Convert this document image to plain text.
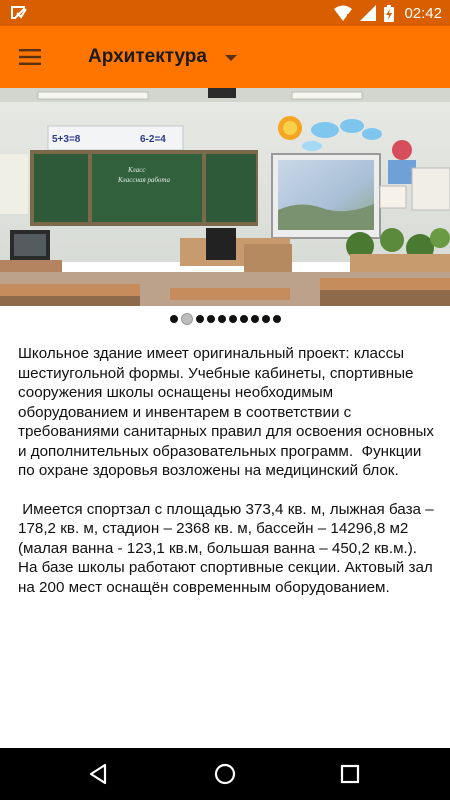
02:42
Архитектура
5+3=8	6-2=4
Класс
Классная работа

Школьное здание имеет оригинальный проект: классы шестиугольной формы. Учебные кабинеты, спортивные сооружения школы оснащены необходимым оборудованием и инвентарем в соответствии с требованиями санитарных правил для освоения основных и дополнительных образовательных программ.  Функции по охране здоровья возложены на медицинский блок.

Имеется спортзал с площадью 373,4 кв. м, лыжная база – 178,2 кв. м, стадион – 2368 кв. м, бассейн – 14296,8 м2 (малая ванна - 123,1 кв.м, большая ванна – 450,2 кв.м.). На базе школы работают спортивные секции. Актовый зал на 200 мест оснащён современным оборудованием.
